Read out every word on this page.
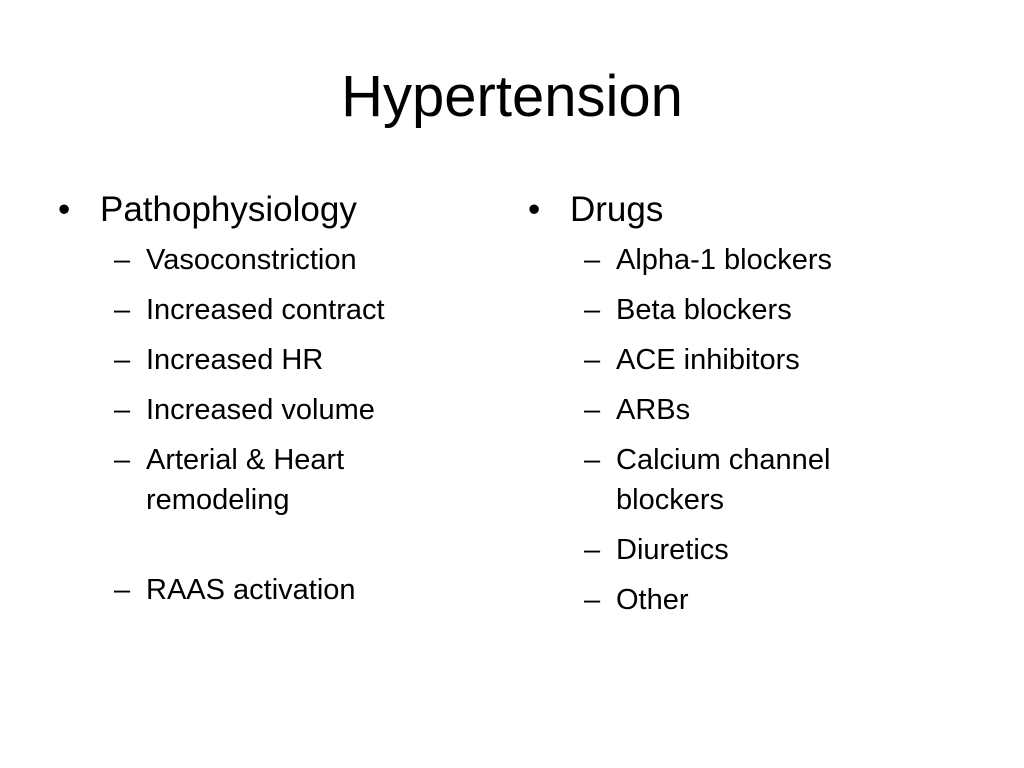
Hypertension
• Pathophysiology
– Vasoconstriction
– Increased contract
– Increased HR
– Increased volume
– Arterial & Heart remodeling
– RAAS activation
• Drugs
– Alpha-1 blockers
– Beta blockers
– ACE inhibitors
– ARBs
– Calcium channel blockers
– Diuretics
– Other
